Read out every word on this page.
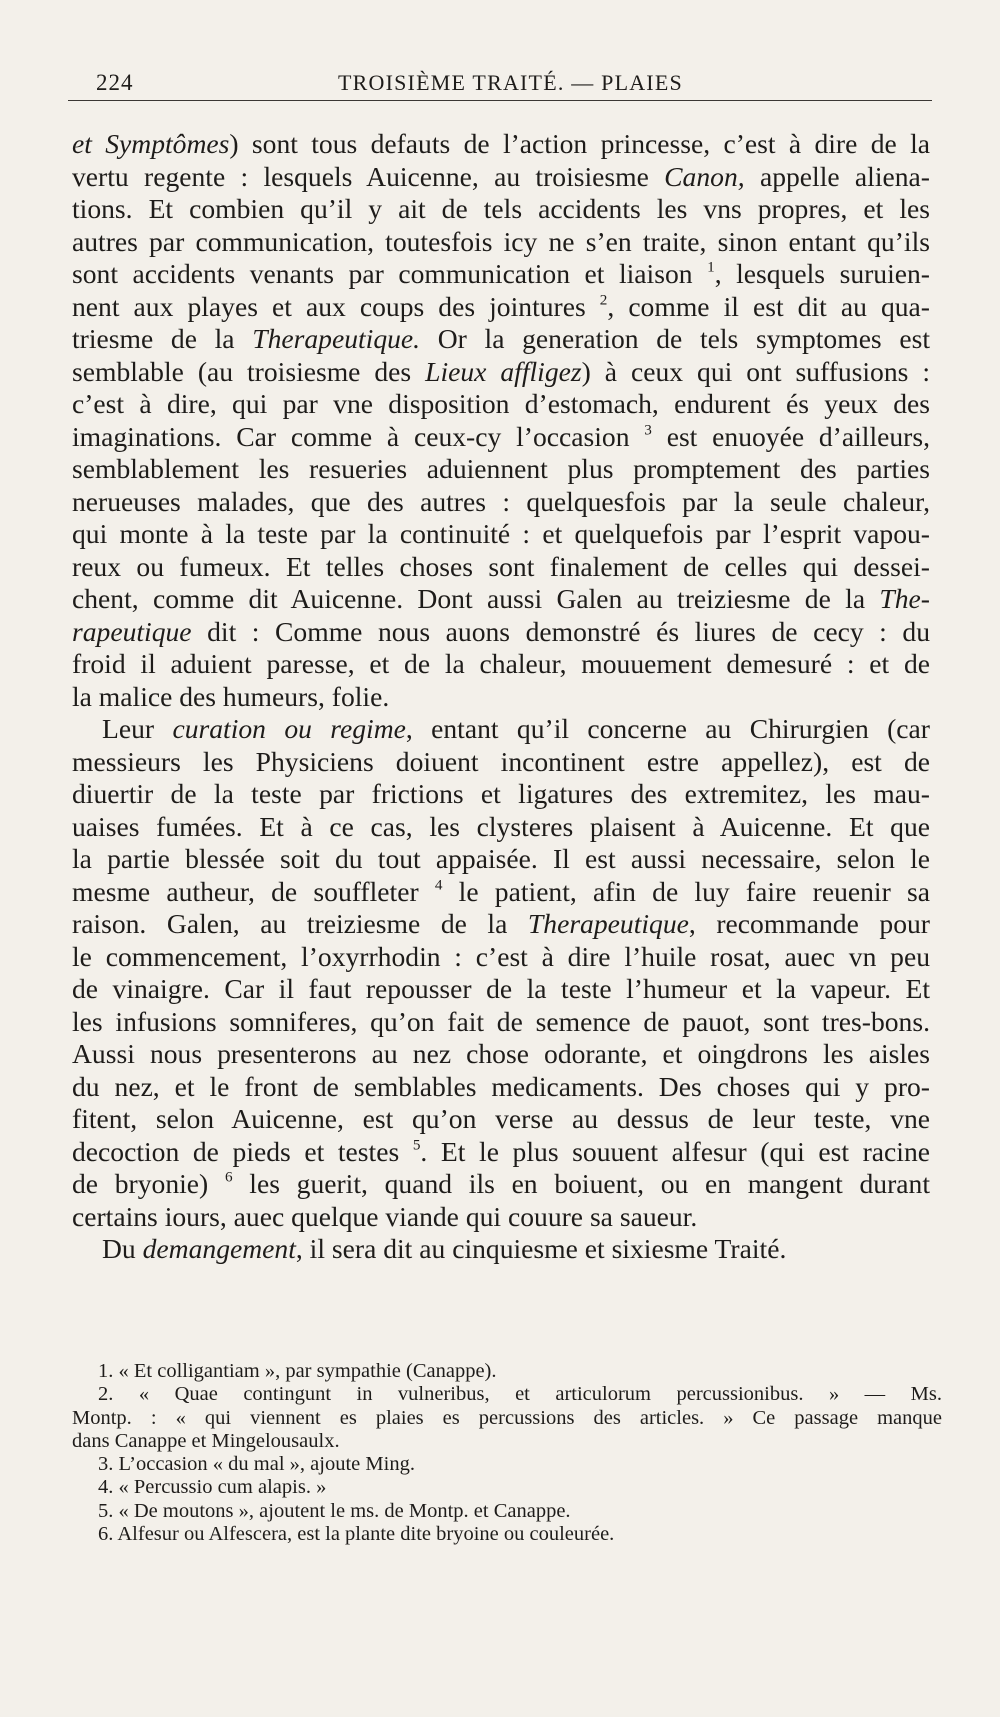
224	TROISIÈME TRAITÉ. — PLAIES
et Symptômes) sont tous defauts de l’action princesse, c’est à dire de la
vertu regente : lesquels Auicenne, au troisiesme Canon, appelle aliena-
tions. Et combien qu’il y ait de tels accidents les vns propres, et les
autres par communication, toutesfois icy ne s’en traite, sinon entant qu’ils
sont accidents venants par communication et liaison $^1$, lesquels suruien-
nent aux playes et aux coups des jointures $^2$, comme il est dit au qua-
triesme de la Therapeutique. Or la generation de tels symptomes est
semblable (au troisiesme des Lieux affligez) à ceux qui ont suffusions :
c’est à dire, qui par vne disposition d’estomach, endurent és yeux des
imaginations. Car comme à ceux-cy l’occasion $^3$ est enuoyée d’ailleurs,
semblablement les resueries aduiennent plus promptement des parties
nerueuses malades, que des autres : quelquesfois par la seule chaleur,
qui monte à la teste par la continuité : et quelquefois par l’esprit vapou-
reux ou fumeux. Et telles choses sont finalement de celles qui dessei-
chent, comme dit Auicenne. Dont aussi Galen au treiziesme de la The-
rapeutique dit : Comme nous auons demonstré és liures de cecy : du
froid il aduient paresse, et de la chaleur, mouuement demesuré : et de
la malice des humeurs, folie.
Leur curation ou regime, entant qu’il concerne au Chirurgien (car
messieurs les Physiciens doiuent incontinent estre appellez), est de
diuertir de la teste par frictions et ligatures des extremitez, les mau-
uaises fumées. Et à ce cas, les clysteres plaisent à Auicenne. Et que
la partie blessée soit du tout appaisée. Il est aussi necessaire, selon le
mesme autheur, de souffleter $^4$ le patient, afin de luy faire reuenir sa
raison. Galen, au treiziesme de la Therapeutique, recommande pour
le commencement, l’oxyrrhodin : c’est à dire l’huile rosat, auec vn peu
de vinaigre. Car il faut repousser de la teste l’humeur et la vapeur. Et
les infusions somniferes, qu’on fait de semence de pauot, sont tres-bons.
Aussi nous presenterons au nez chose odorante, et oingdrons les aisles
du nez, et le front de semblables medicaments. Des choses qui y pro-
fitent, selon Auicenne, est qu’on verse au dessus de leur teste, vne
decoction de pieds et testes $^5$. Et le plus souuent alfesur (qui est racine
de bryonie) $^6$ les guerit, quand ils en boiuent, ou en mangent durant
certains iours, auec quelque viande qui couure sa saueur.
Du demangement, il sera dit au cinquiesme et sixiesme Traité.
1. « Et colligantiam », par sympathie (Canappe).
2. « Quae contingunt in vulneribus, et articulorum percussionibus. » — Ms.
Montp. : « qui viennent es plaies es percussions des articles. » Ce passage manque
dans Canappe et Mingelousaulx.
3. L’occasion « du mal », ajoute Ming.
4. « Percussio cum alapis. »
5. « De moutons », ajoutent le ms. de Montp. et Canappe.
6. Alfesur ou Alfescera, est la plante dite bryoine ou couleurée.
